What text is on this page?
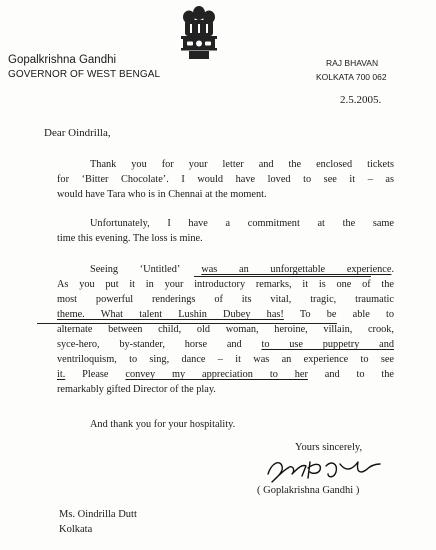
Gopalkrishna Gandhi
GOVERNOR OF WEST BENGAL
RAJ BHAVAN
KOLKATA 700 062
2.5.2005.
Dear Oindrilla,
Thank you for your letter and the enclosed tickets
for ‘Bitter Chocolate’. I would have loved to see it – as
would have Tara who is in Chennai at the moment.
Unfortunately, I have a commitment at the same
time this evening. The loss is mine.
Seeing ‘Untitled’ was an unforgettable experience.
As you put it in your introductory remarks, it is one of the
most powerful renderings of its vital, tragic, traumatic
theme. What talent Lushin Dubey has! To be able to
alternate between child, old woman, heroine, villain, crook,
syce-hero, by-stander, horse and to use puppetry and
ventriloquism, to sing, dance – it was an experience to see
it. Please convey my appreciation to her and to the
remarkably gifted Director of the play.
And thank you for your hospitality.
Yours sincerely,
( Goplakrishna Gandhi )
Ms. Oindrilla Dutt
Kolkata
